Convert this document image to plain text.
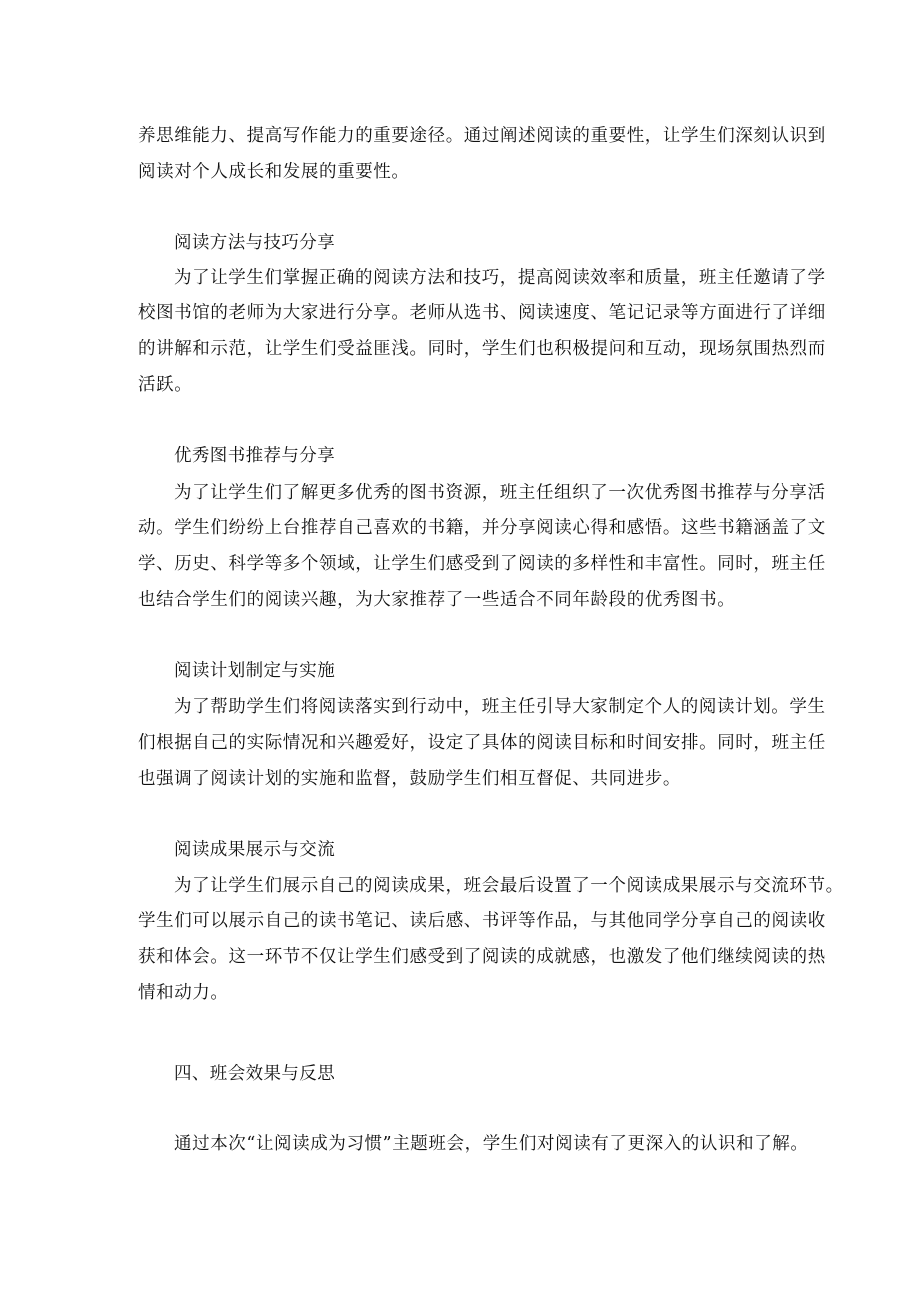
养思维能力、提高写作能力的重要途径。通过阐述阅读的重要性，让学生们深刻认识到
阅读对个人成长和发展的重要性。
阅读方法与技巧分享
为了让学生们掌握正确的阅读方法和技巧，提高阅读效率和质量，班主任邀请了学
校图书馆的老师为大家进行分享。老师从选书、阅读速度、笔记记录等方面进行了详细
的讲解和示范，让学生们受益匪浅。同时，学生们也积极提问和互动，现场氛围热烈而
活跃。
优秀图书推荐与分享
为了让学生们了解更多优秀的图书资源，班主任组织了一次优秀图书推荐与分享活
动。学生们纷纷上台推荐自己喜欢的书籍，并分享阅读心得和感悟。这些书籍涵盖了文
学、历史、科学等多个领域，让学生们感受到了阅读的多样性和丰富性。同时，班主任
也结合学生们的阅读兴趣，为大家推荐了一些适合不同年龄段的优秀图书。
阅读计划制定与实施
为了帮助学生们将阅读落实到行动中，班主任引导大家制定个人的阅读计划。学生
们根据自己的实际情况和兴趣爱好，设定了具体的阅读目标和时间安排。同时，班主任
也强调了阅读计划的实施和监督，鼓励学生们相互督促、共同进步。
阅读成果展示与交流
为了让学生们展示自己的阅读成果，班会最后设置了一个阅读成果展示与交流环节。
学生们可以展示自己的读书笔记、读后感、书评等作品，与其他同学分享自己的阅读收
获和体会。这一环节不仅让学生们感受到了阅读的成就感，也激发了他们继续阅读的热
情和动力。
四、班会效果与反思
通过本次“让阅读成为习惯”主题班会，学生们对阅读有了更深入的认识和了解。
